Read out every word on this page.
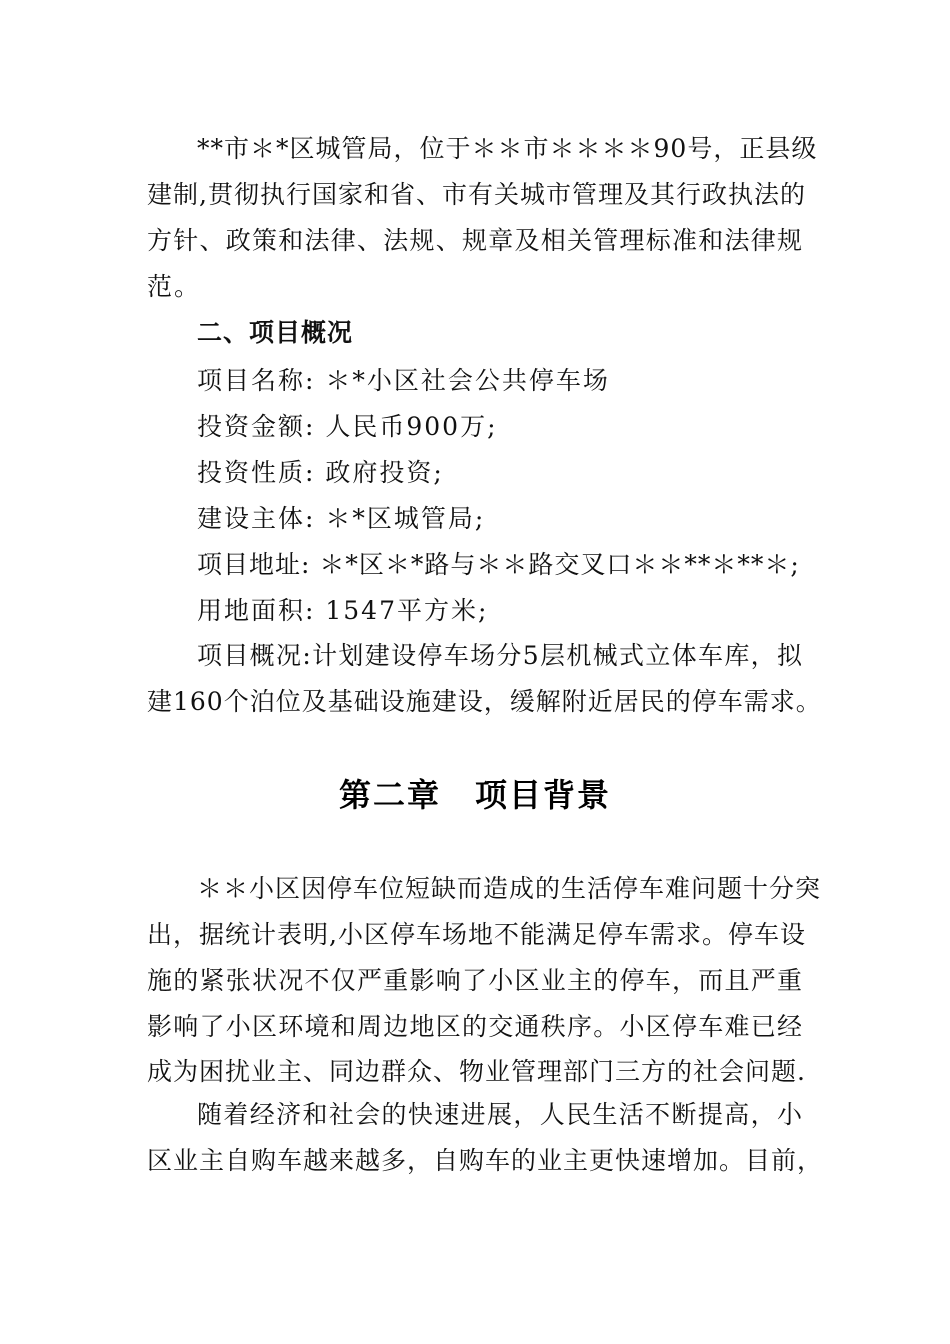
**市＊*区城管局，位于＊＊市＊＊＊＊90号，正县级
建制,贯彻执行国家和省、市有关城市管理及其行政执法的
方针、政策和法律、法规、规章及相关管理标准和法律规
范。
二、项目概况
项目名称: ＊*小区社会公共停车场
投资金额: 人民币900万;
投资性质: 政府投资;
建设主体: ＊*区城管局;
项目地址: ＊*区＊*路与＊＊路交叉口＊＊**＊**＊;
用地面积: 1547平方米;
项目概况:计划建设停车场分5层机械式立体车库，拟
建160个泊位及基础设施建设，缓解附近居民的停车需求。
第二章　项目背景
＊＊小区因停车位短缺而造成的生活停车难问题十分突
出，据统计表明,小区停车场地不能满足停车需求。停车设
施的紧张状况不仅严重影响了小区业主的停车，而且严重
影响了小区环境和周边地区的交通秩序。小区停车难已经
成为困扰业主、同边群众、物业管理部门三方的社会问题.
随着经济和社会的快速进展，人民生活不断提高，小
区业主自购车越来越多，自购车的业主更快速增加。目前，
